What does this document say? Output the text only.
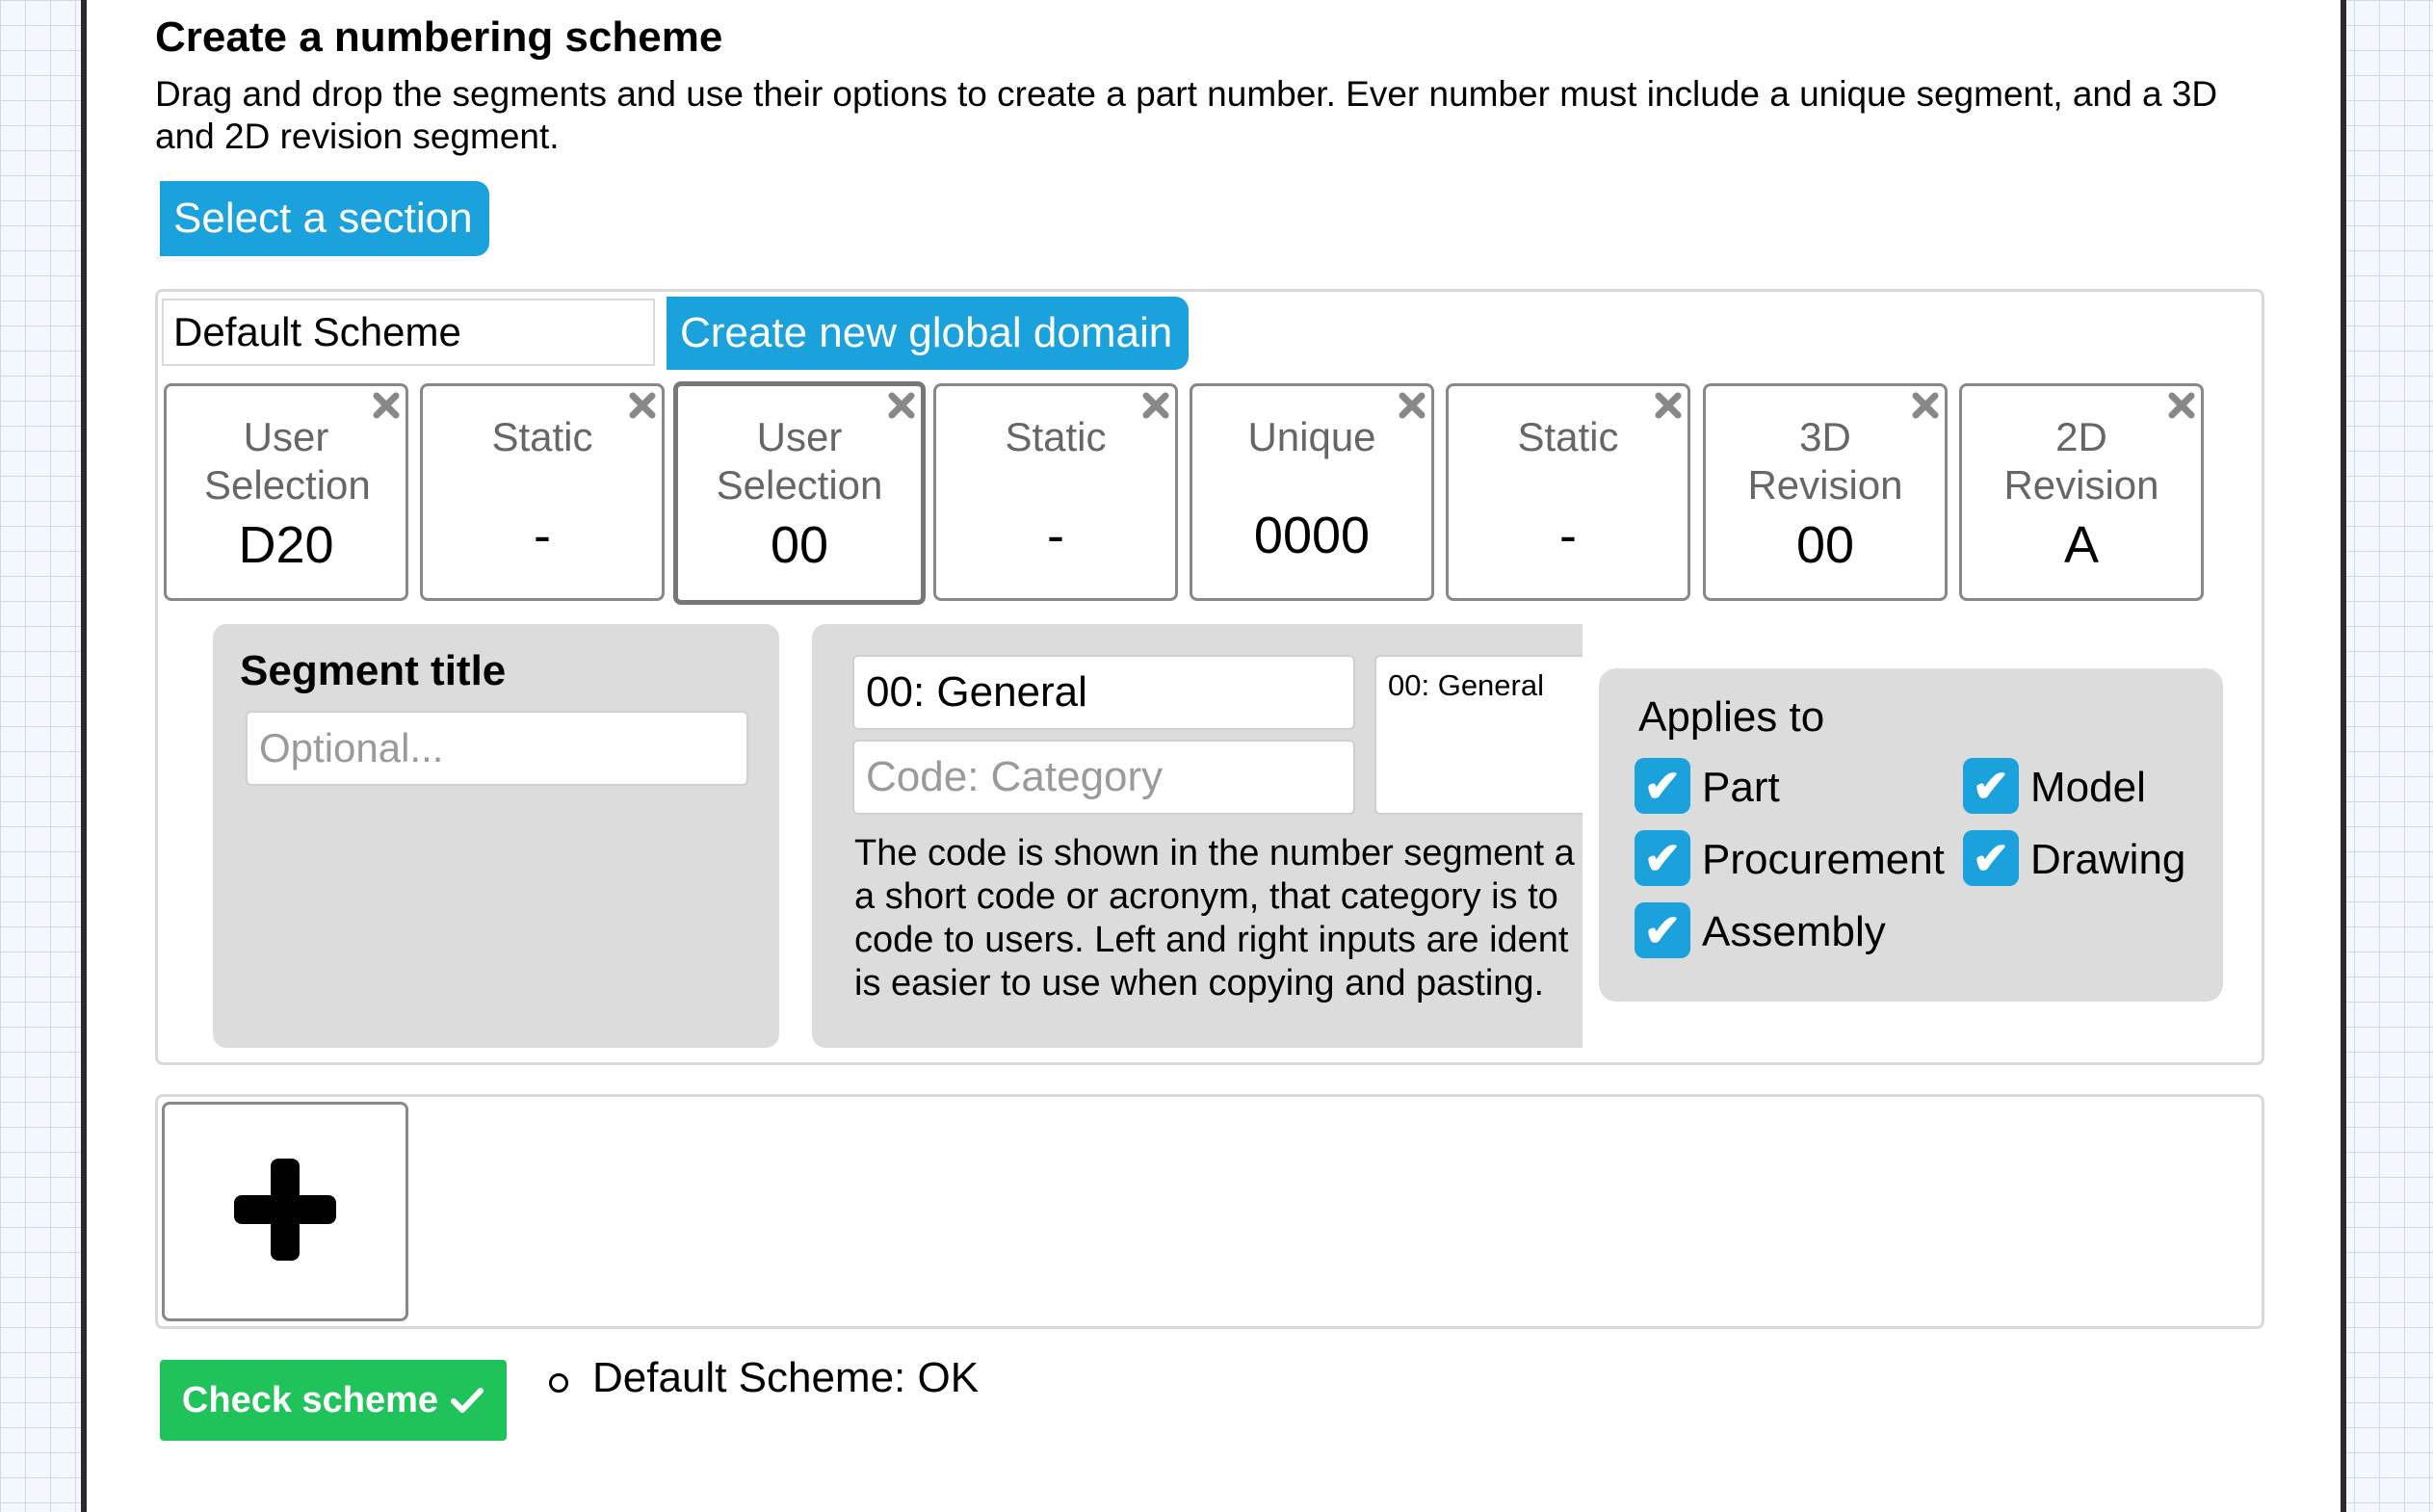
Create a numbering scheme
Drag and drop the segments and use their options to create a part number. Ever number must include a unique segment, and a 3D and 2D revision segment.
Select a section
Default Scheme
Create new global domain
User Selection
D20
Static
-
User Selection
00
Static
-
Unique
0000
Static
-
3D Revision
00
2D Revision
A
Segment title
Optional...
00: General
Code: Category	00: General
The code is shown in the number segment a a short code or acronym, that category is to code to users. Left and right inputs are ident is easier to use when copying and pasting.
Applies to
✔ Part	✔ Model
✔ Procurement ✔ Drawing
✔ Assembly
Check scheme	Default Scheme: OK
